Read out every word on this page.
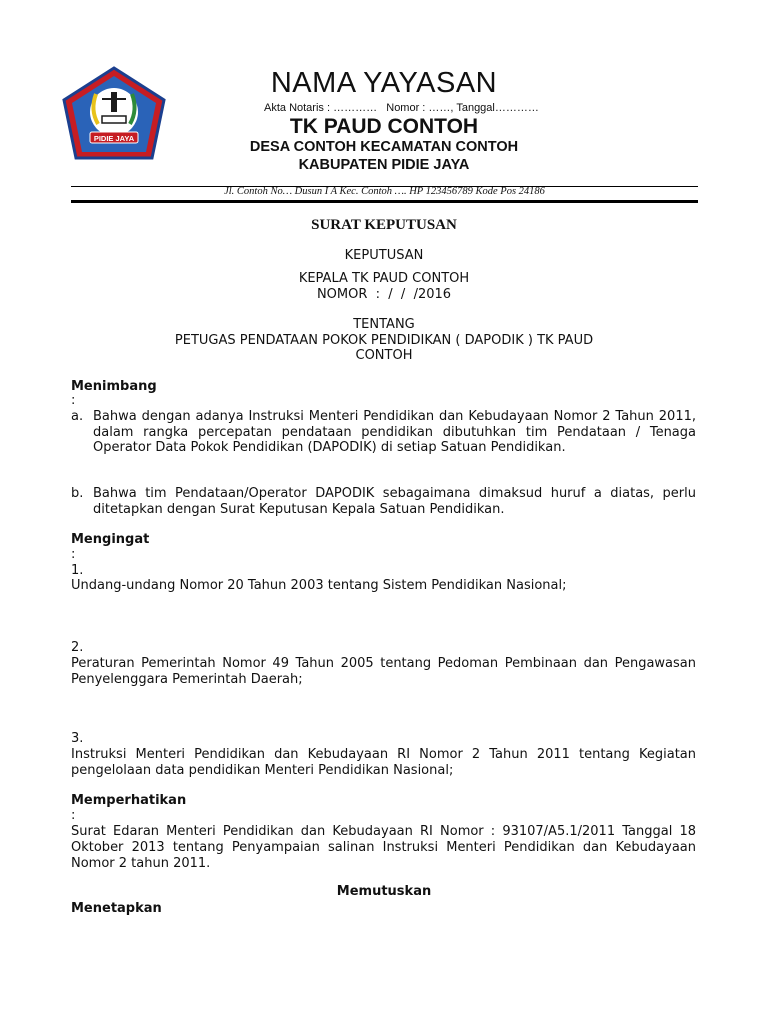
PIDIE JAYA
NAMA YAYASAN
Akta Notaris : …………   Nomor : ……, Tanggal…………
TK PAUD CONTOH
DESA CONTOH KECAMATAN CONTOH
KABUPATEN PIDIE JAYA
Jl. Contoh No… Dusun I A Kec. Contoh …. HP 123456789 Kode Pos 24186
SURAT KEPUTUSAN
KEPUTUSAN
KEPALA TK PAUD CONTOH
NOMOR  :  /  /  /2016
TENTANG
PETUGAS PENDATAAN POKOK PENDIDIKAN ( DAPODIK ) TK PAUD
CONTOH
Menimbang
:
a. Bahwa dengan adanya Instruksi Menteri Pendidikan dan Kebudayaan Nomor 2 Tahun 2011, dalam rangka percepatan pendataan pendidikan dibutuhkan tim Pendataan / Tenaga Operator Data Pokok Pendidikan (DAPODIK) di setiap Satuan Pendidikan.
b. Bahwa tim Pendataan/Operator DAPODIK sebagaimana dimaksud huruf a diatas, perlu ditetapkan dengan Surat Keputusan Kepala Satuan Pendidikan.
Mengingat
:
1.
Undang-undang Nomor 20 Tahun 2003 tentang Sistem Pendidikan Nasional;
2.
Peraturan Pemerintah Nomor 49 Tahun 2005 tentang Pedoman Pembinaan dan Pengawasan Penyelenggara Pemerintah Daerah;
3.
Instruksi Menteri Pendidikan dan Kebudayaan RI Nomor 2 Tahun 2011 tentang Kegiatan pengelolaan data pendidikan Menteri Pendidikan Nasional;
Memperhatikan
:
Surat Edaran Menteri Pendidikan dan Kebudayaan RI Nomor : 93107/A5.1/2011 Tanggal 18 Oktober 2013 tentang Penyampaian salinan Instruksi Menteri Pendidikan dan Kebudayaan Nomor 2 tahun 2011.
Memutuskan
Menetapkan
